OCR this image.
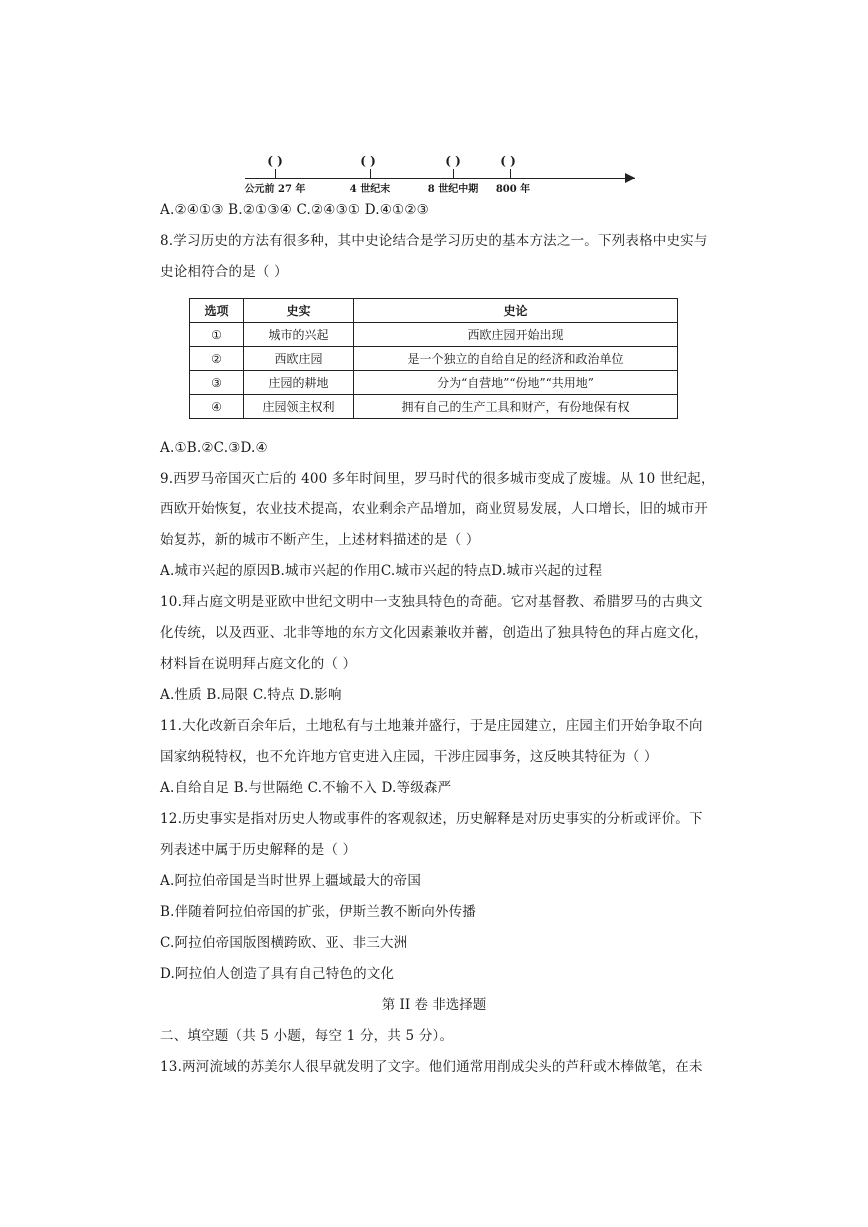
( )	( )	( )	( )
公元前 27 年	4 世纪末	8 世纪中期 800 年
A.②④①③ B.②①③④ C.②④③① D.④①②③
8.学习历史的方法有很多种，其中史论结合是学习历史的基本方法之一。下列表格中史实与
史论相符合的是（ ）
选项	史实	史论
①	城市的兴起	西欧庄园开始出现
②	西欧庄园	是一个独立的自给自足的经济和政治单位
③	庄园的耕地	分为“自营地”“份地”“共用地”
④	庄园领主权利	拥有自己的生产工具和财产，有份地保有权
A.①B.②C.③D.④
9.西罗马帝国灭亡后的 400 多年时间里，罗马时代的很多城市变成了废墟。从 10 世纪起，
西欧开始恢复，农业技术提高，农业剩余产品增加，商业贸易发展，人口增长，旧的城市开
始复苏，新的城市不断产生，上述材料描述的是（ ）
A.城市兴起的原因B.城市兴起的作用C.城市兴起的特点D.城市兴起的过程
10.拜占庭文明是亚欧中世纪文明中一支独具特色的奇葩。它对基督教、希腊罗马的古典文
化传统，以及西亚、北非等地的东方文化因素兼收并蓄，创造出了独具特色的拜占庭文化，
材料旨在说明拜占庭文化的（ ）
A.性质 B.局限 C.特点 D.影响
11.大化改新百余年后，土地私有与土地兼并盛行，于是庄园建立，庄园主们开始争取不向
国家纳税特权，也不允许地方官吏进入庄园，干涉庄园事务，这反映其特征为（ ）
A.自给自足 B.与世隔绝 C.不输不入 D.等级森严
12.历史事实是指对历史人物或事件的客观叙述，历史解释是对历史事实的分析或评价。下
列表述中属于历史解释的是（ ）
A.阿拉伯帝国是当时世界上疆域最大的帝国
B.伴随着阿拉伯帝国的扩张，伊斯兰教不断向外传播
C.阿拉伯帝国版图横跨欧、亚、非三大洲
D.阿拉伯人创造了具有自己特色的文化
第 II 卷 非选择题
二、填空题（共 5 小题，每空 1 分，共 5 分）。
13.两河流域的苏美尔人很早就发明了文字。他们通常用削成尖头的芦秆或木棒做笔，在未
